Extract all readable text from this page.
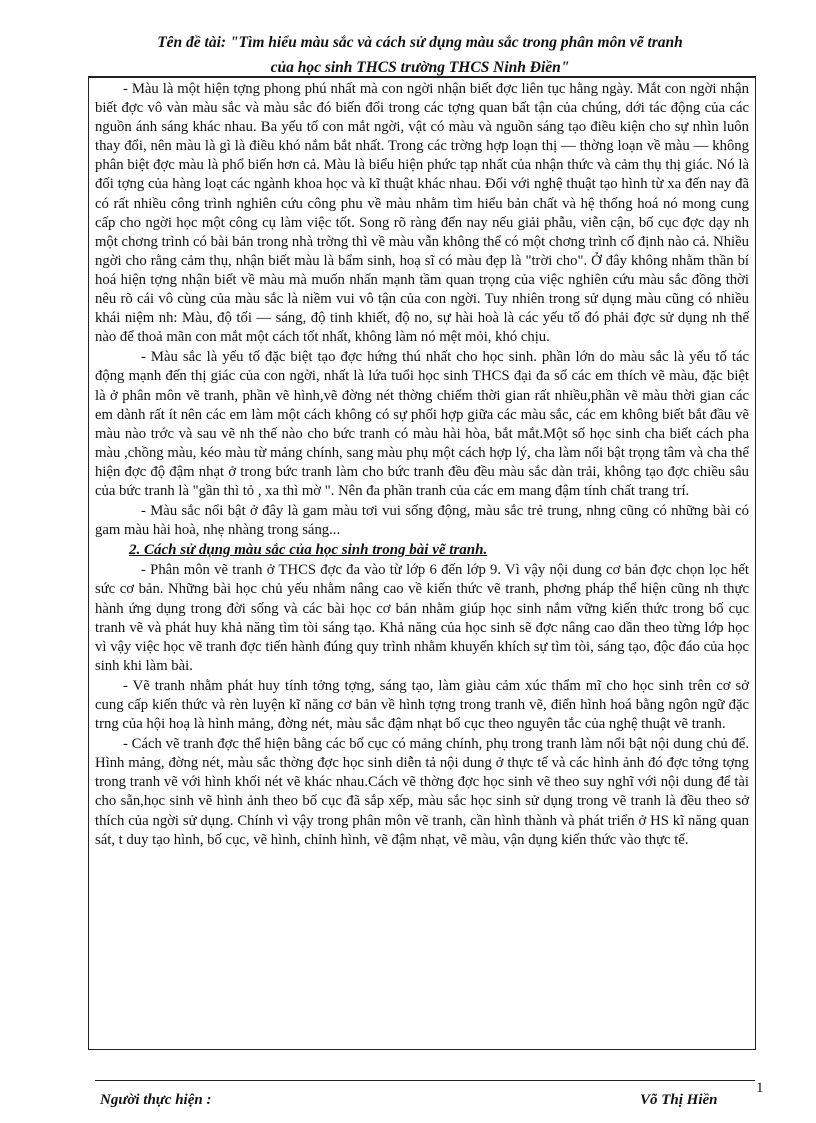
Tên đề tài: "Tìm hiểu màu sắc và cách sử dụng màu sắc trong phân môn vẽ tranh
của học sinh THCS trường THCS Ninh Điền"

- Màu là một hiện tợng phong phú nhất mà con ngời nhận biết đợc liên tục hằng ngày. Mắt con ngời nhận biết đợc vô vàn màu sắc và màu sắc đó biến đổi trong các tợng quan bất tận của chúng, dới tác động của các nguồn ánh sáng khác nhau. Ba yếu tố con mắt ngời, vật có màu và nguồn sáng tạo điều kiện cho sự nhìn luôn thay đổi, nên màu là gì là điều khó nắm bắt nhất. Trong các trờng hợp loạn thị — thờng loạn về màu — không phân biệt đợc màu là phổ biến hơn cả. Màu là biểu hiện phức tạp nhất của nhận thức và cảm thụ thị giác. Nó là đối tợng của hàng loạt các ngành khoa học và kĩ thuật khác nhau. Đối với nghệ thuật tạo hình từ xa đến nay đã có rất nhiều công trình nghiên cứu công phu về màu nhằm tìm hiểu bản chất và hệ thống hoá nó mong cung cấp cho ngời học một công cụ làm việc tốt. Song rõ ràng đến nay nếu giải phẫu, viễn cận, bố cục đợc dạy nh một chơng trình có bài bản trong nhà trờng thì về màu vẫn không thể có một chơng trình cố định nào cả. Nhiều ngời cho rằng cảm thụ, nhận biết màu là bẩm sinh, hoạ sĩ có màu đẹp là "trời cho". Ở đây không nhằm thần bí hoá hiện tợng nhận biết về màu mà muốn nhấn mạnh tầm quan trọng của việc nghiên cứu màu sắc đồng thời nêu rõ cái vô cùng của màu sắc là niềm vui vô tận của con ngời. Tuy nhiên trong sử dụng màu cũng có nhiều khái niệm nh: Màu, độ tối — sáng, độ tinh khiết, độ no, sự hài hoà là các yếu tố đó phải đợc sử dụng nh thế nào để thoả mãn con mắt một cách tốt nhất, không làm nó mệt mỏi, khó chịu.

- Màu sắc là yếu tố đặc biệt tạo đợc hứng thú nhất cho học sinh. phần lớn do màu sắc là yếu tố tác động mạnh đến thị giác của con ngời, nhất là lứa tuổi học sinh THCS đại đa số các em thích vẽ màu, đặc biệt là ở phân môn vẽ tranh, phần vẽ hình,vẽ đờng nét thờng chiếm thời gian rất nhiều,phần vẽ màu thời gian các em dành rất ít nên các em làm một cách không có sự phối hợp giữa các màu sắc, các em không biết bắt đầu vẽ màu nào trớc và sau vẽ nh thế nào cho bức tranh có màu hài hòa, bắt mắt.Một số học sinh cha biết cách pha màu ,chồng màu, kéo màu từ mảng chính, sang màu phụ một cách hợp lý, cha làm nổi bật trọng tâm và cha thể hiện đợc độ đậm nhạt ở trong bức tranh làm cho bức tranh đều đều màu sắc dàn trải, không tạo đợc chiều sâu của bức tranh là "gần thì tỏ , xa thì mờ ". Nên đa phần tranh của các em mang đậm tính chất trang trí.

- Màu sắc nổi bật ở đây là gam màu tơi vui sống động, màu sắc trẻ trung, nhng cũng có những bài có gam màu hài hoà, nhẹ nhàng trong sáng...

2. Cách sử dụng màu sắc của học sinh trong bài vẽ tranh.

- Phân môn vẽ tranh ở THCS đợc đa vào từ lớp 6 đến lớp 9. Vì vậy nội dung cơ bản đợc chọn lọc hết sức cơ bản. Những bài học chủ yếu nhằm nâng cao về kiến thức vẽ tranh, phơng pháp thể hiện cũng nh thực hành ứng dụng trong đời sống và các bài học cơ bản nhằm giúp học sinh nắm vững kiến thức trong bố cục tranh vẽ và phát huy khả năng tìm tòi sáng tạo. Khả năng của học sinh sẽ đợc nâng cao dần theo từng lớp học vì vậy việc học vẽ tranh đợc tiến hành đúng quy trình nhằm khuyến khích sự tìm tòi, sáng tạo, độc đáo của học sinh khi làm bài.

- Vẽ tranh nhằm phát huy tính tởng tợng, sáng tạo, làm giàu cảm xúc thẩm mĩ cho học sinh trên cơ sở cung cấp kiến thức và rèn luyện kĩ năng cơ bản về hình tợng trong tranh vẽ, điển hình hoá bằng ngôn ngữ đặc trng của hội hoạ là hình mảng, đờng nét, màu sắc đậm nhạt bố cục theo nguyên tắc của nghệ thuật vẽ tranh.

- Cách vẽ tranh đợc thể hiện bằng các bố cục có mảng chính, phụ trong tranh làm nổi bật nội dung chủ để. Hình mảng, đờng nét, màu sắc thờng đợc học sinh diễn tả nội dung ở thực tế và các hình ảnh đó đợc tởng tợng trong tranh vẽ với hình khối nét vẽ khác nhau.Cách vẽ thờng đợc học sinh vẽ theo suy nghĩ với nội dung để tài cho sẵn,học sinh vẽ hình ảnh theo bố cục đã sắp xếp, màu sắc học sinh sử dụng trong vẽ tranh là đều theo sở thích của ngời sử dụng. Chính vì vậy trong phân môn vẽ tranh, cần hình thành và phát triển ở HS kĩ năng quan sát, t duy tạo hình, bố cục, vẽ hình, chỉnh hình, vẽ đậm nhạt, vẽ màu, vận dụng kiến thức vào thực tế.

Người thực hiện :	Võ Thị Hiền
1
